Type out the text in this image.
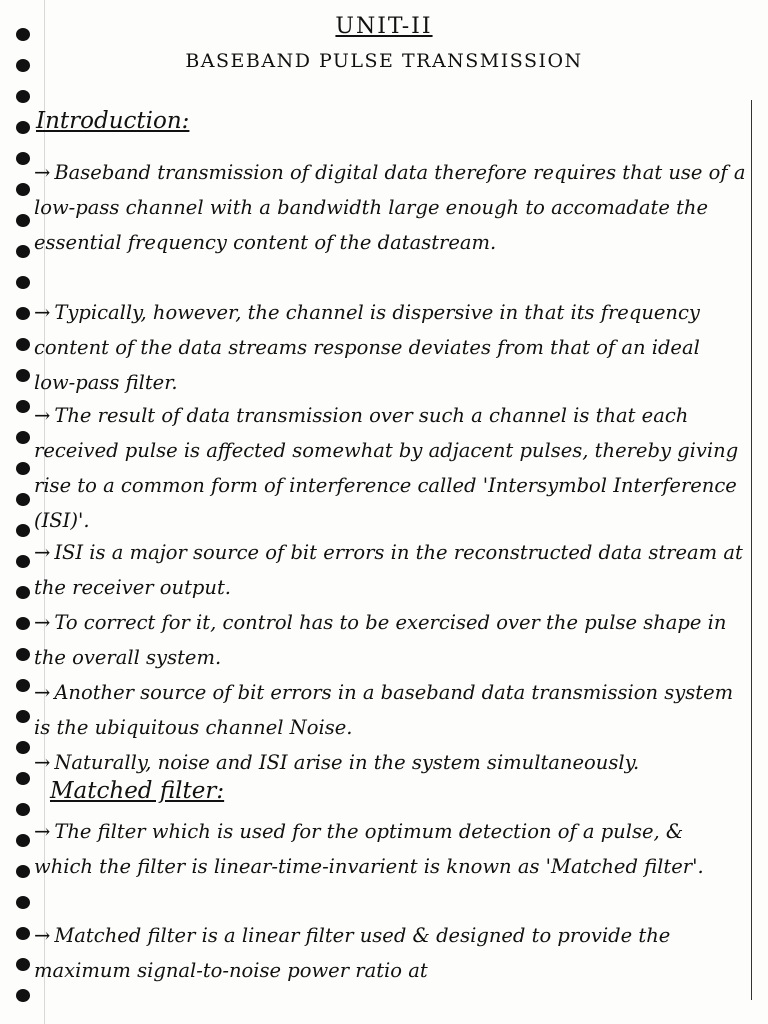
UNIT-II
BASEBAND PULSE TRANSMISSION
Introduction:
→ Baseband transmission of digital data therefore requires that use of a low-pass channel with a bandwidth large enough to accomadate the essential frequency content of the datastream.
→ Typically, however, the channel is dispersive in that its frequency content of the data streams response deviates from that of an ideal low-pass filter.
→ The result of data transmission over such a channel is that each received pulse is affected somewhat by adjacent pulses, thereby giving rise to a common form of interference called 'Intersymbol Interference (ISI)'.
→ ISI is a major source of bit errors in the reconstructed data stream at the receiver output.
→ To correct for it, control has to be exercised over the pulse shape in the overall system.
→ Another source of bit errors in a baseband data transmission system is the ubiquitous channel Noise.
→ Naturally, noise and ISI arise in the system simultaneously.
Matched filter:
→ The filter which is used for the optimum detection of a pulse, & which the filter is linear-time-invarient is known as 'Matched filter'.
→ Matched filter is a linear filter used & designed to provide the maximum signal-to-noise power ratio at
